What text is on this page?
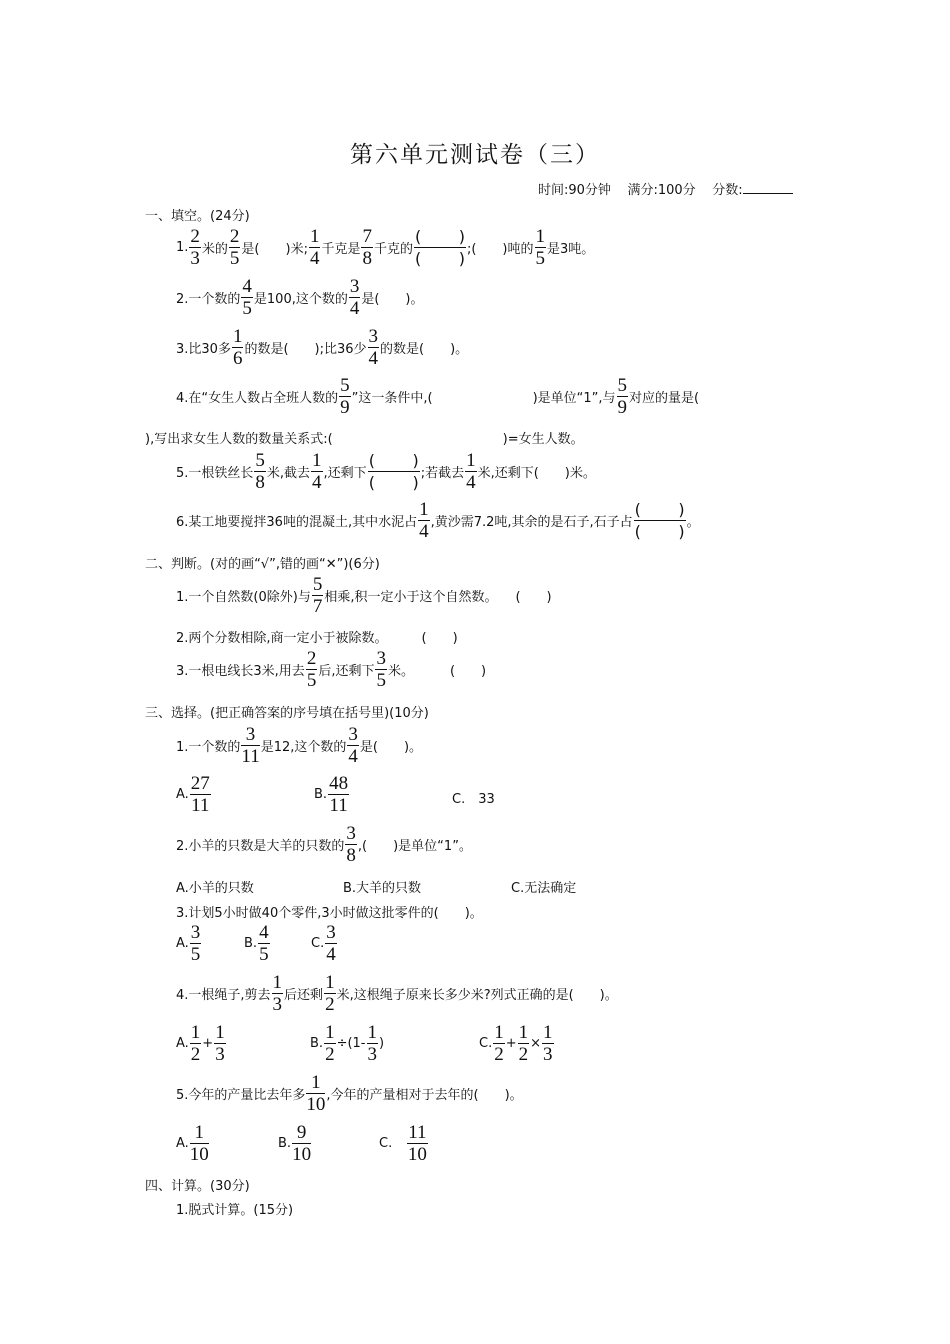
第六单元测试卷（三）
时间:90分钟 满分:100分 分数:
一、填空。(24分)
1. $\frac{2}{3}$ 米的 $\frac{2}{5}$ 是(　　)米; $\frac{1}{4}$ 千克是 $\frac{7}{8}$ 千克的 $\frac{( )}{( )}$ ;(　　)吨的 $\frac{1}{5}$ 是3吨。
2.一个数的 $\frac{4}{5}$ 是100,这个数的 $\frac{3}{4}$ 是(　　)。
3.比30多 $\frac{1}{6}$ 的数是(　　);比36少 $\frac{3}{4}$ 的数是(　　)。
4.在“女生人数占全班人数的 $\frac{5}{9}$ ”这一条件中,(	)是单位“1”,与 $\frac{5}{9}$ 对应的量是(
),写出求女生人数的数量关系式:(	)=女生人数。
5.一根铁丝长 $\frac{5}{8}$ 米,截去 $\frac{1}{4}$ ,还剩下 $\frac{( )}{( )}$ ;若截去 $\frac{1}{4}$ 米,还剩下(　　)米。
6.某工地要搅拌36吨的混凝土,其中水泥占 $\frac{1}{4}$ ,黄沙需7.2吨,其余的是石子,石子占 $\frac{( )}{( )}$ 。
二、判断。(对的画“√”,错的画“✕”)(6分)
1.一个自然数(0除外)与 $\frac{5}{7}$ 相乘,积一定小于这个自然数。 (　　)
2.两个分数相除,商一定小于被除数。	(　　)
3.一根电线长3米,用去 $\frac{2}{5}$ 后,还剩下 $\frac{3}{5}$ 米。	(　　)
三、选择。(把正确答案的序号填在括号里)(10分)
1.一个数的 $\frac{3}{11}$ 是12,这个数的 $\frac{3}{4}$ 是(　　)。
A. $\frac{27}{11}$	B. $\frac{48}{11}$	C.　33
2.小羊的只数是大羊的只数的 $\frac{3}{8}$ ,(　　)是单位“1”。
A.小羊的只数	B.大羊的只数	C.无法确定
3.计划5小时做40个零件,3小时做这批零件的(　　)。
A. $\frac{3}{5}$	B. $\frac{4}{5}$	C. $\frac{3}{4}$
4.一根绳子,剪去 $\frac{1}{3}$ 后还剩 $\frac{1}{2}$ 米,这根绳子原来长多少米?列式正确的是(　　)。
A. $\frac{1}{2} + \frac{1}{3}$	B. $\frac{1}{2} \div(1- \frac{1}{3}$ )	C. $\frac{1}{2} + \frac{1}{2} \times \frac{1}{3}$
5.今年的产量比去年多 $\frac{1}{10}$ ,今年的产量相对于去年的(　　)。
A. $\frac{1}{10}$	B. $\frac{9}{10}$	C. $\frac{11}{10}$
四、计算。(30分)
1.脱式计算。(15分)
